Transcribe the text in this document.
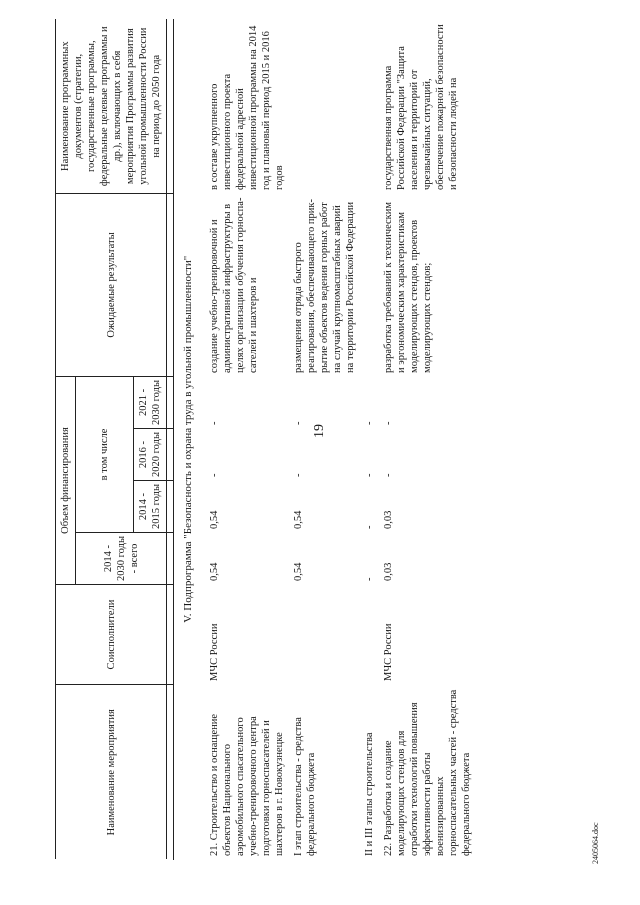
19
Наименование мероприятия	Соисполнители	Объем финансирования				Ожидаемые результаты	Наименование программных документов (стратегии, государственные программы, федеральные целевые программы и др.), включающих в себя мероприятия Программы развития угольной промышленности России на период до 2050 года
		2014 - 2030 годы - всего	в том числе				
			2014 - 2015 годы	2016 - 2020 годы	2021 - 2030 годы		

V. Подпрограмма "Безопасность и охрана труда в угольной промышленности"							
21. Строительство и оснащение объектов Национального аэромобильного спасательного учебно-тренировочного центра подготовки горноспасателей и шахтеров в г. Новокузнецке	МЧС России	0,54	0,54	-	-	создание учебно-тренировочной и административной инфраструктуры в целях организации обучения горноспасателей и шахтеров и	в составе укрупненного инвестиционного проекта федеральной адресной инвестиционной программы на 2014 год и плановый период 2015 и 2016 годов
I этап строительства - средства федерального бюджета		0,54	0,54	-	-	размещения отряда быстрого реагирования, обеспечивающего прикрытие объектов ведения горных работ на случай крупномасштабных аварий на территории Российской Федерации	
II и III этапы строительства		-	-	-	-		
22. Разработка и создание моделирующих стендов для отработки технологий повышения эффективности работы военизированных горноспасательных частей - средства федерального бюджета	МЧС России	0,03	0,03	-	-	разработка требований к техническим и эргономическим характеристикам моделирующих стендов, проектов моделирующих стендов;	государственная программа Российской Федерации "Защита населения и территорий от чрезвычайных ситуаций, обеспечение пожарной безопасности и безопасности людей на
2405064.doc
